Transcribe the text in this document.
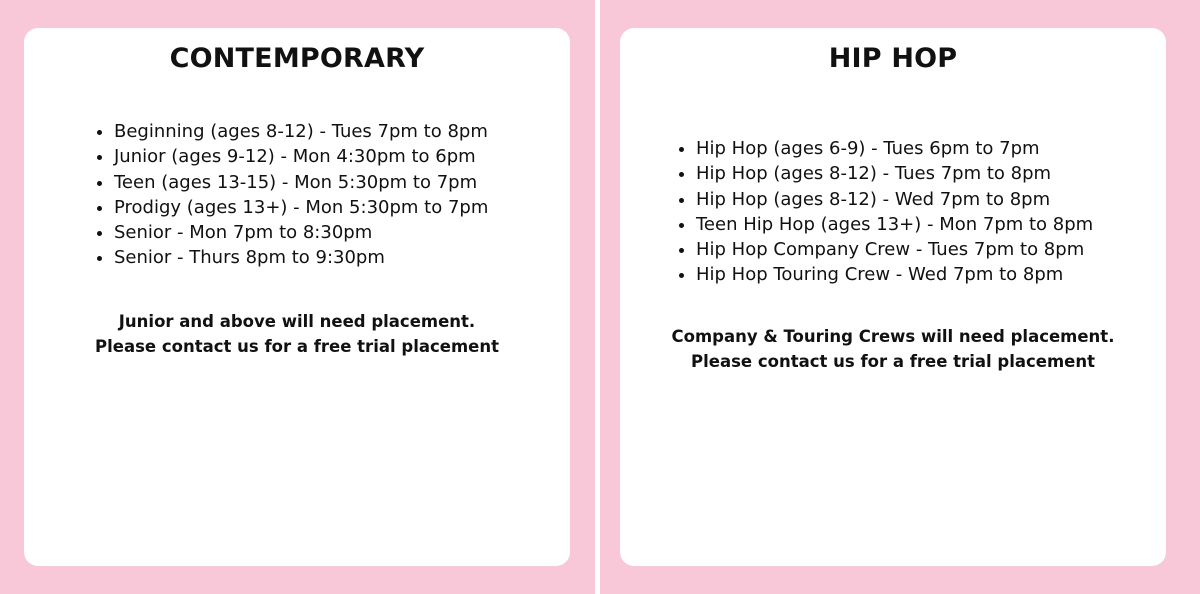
CONTEMPORARY
• Beginning (ages 8-12) - Tues 7pm to 8pm
• Junior (ages 9-12) - Mon 4:30pm to 6pm
• Teen (ages 13-15) - Mon 5:30pm to 7pm
• Prodigy (ages 13+) - Mon 5:30pm to 7pm
• Senior - Mon 7pm to 8:30pm
• Senior - Thurs 8pm to 9:30pm

Junior and above will need placement.
Please contact us for a free trial placement

HIP HOP
• Hip Hop (ages 6-9) - Tues 6pm to 7pm
• Hip Hop (ages 8-12) - Tues 7pm to 8pm
• Hip Hop (ages 8-12) - Wed 7pm to 8pm
• Teen Hip Hop (ages 13+) - Mon 7pm to 8pm
• Hip Hop Company Crew - Tues 7pm to 8pm
• Hip Hop Touring Crew - Wed 7pm to 8pm

Company & Touring Crews will need placement.
Please contact us for a free trial placement
